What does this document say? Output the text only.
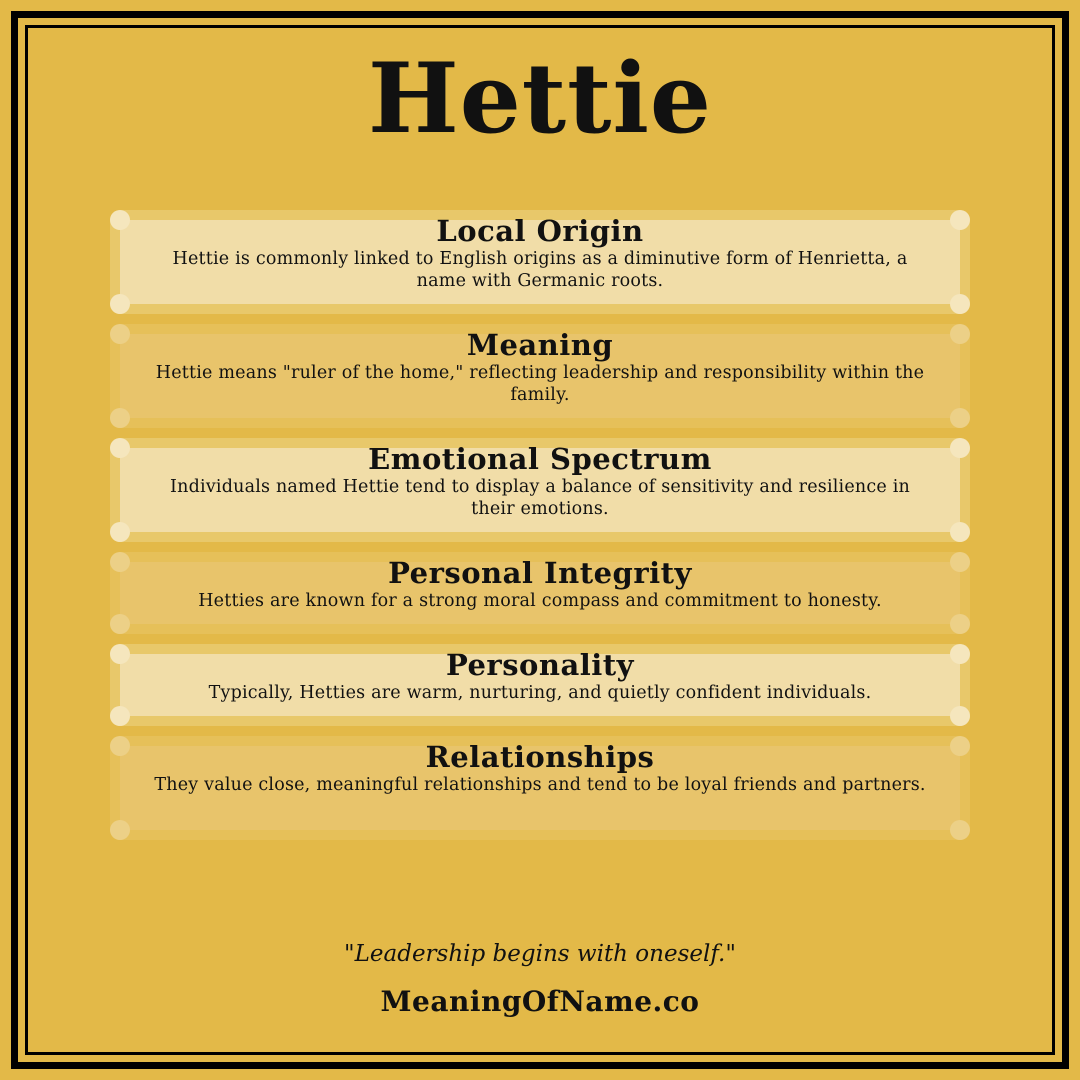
Hettie
Local Origin
Hettie is commonly linked to English origins as a diminutive form of Henrietta, a name with Germanic roots.
Meaning
Hettie means "ruler of the home," reflecting leadership and responsibility within the family.
Emotional Spectrum
Individuals named Hettie tend to display a balance of sensitivity and resilience in their emotions.
Personal Integrity
Hetties are known for a strong moral compass and commitment to honesty.
Personality
Typically, Hetties are warm, nurturing, and quietly confident individuals.
Relationships
They value close, meaningful relationships and tend to be loyal friends and partners.
"Leadership begins with oneself."
MeaningOfName.co
